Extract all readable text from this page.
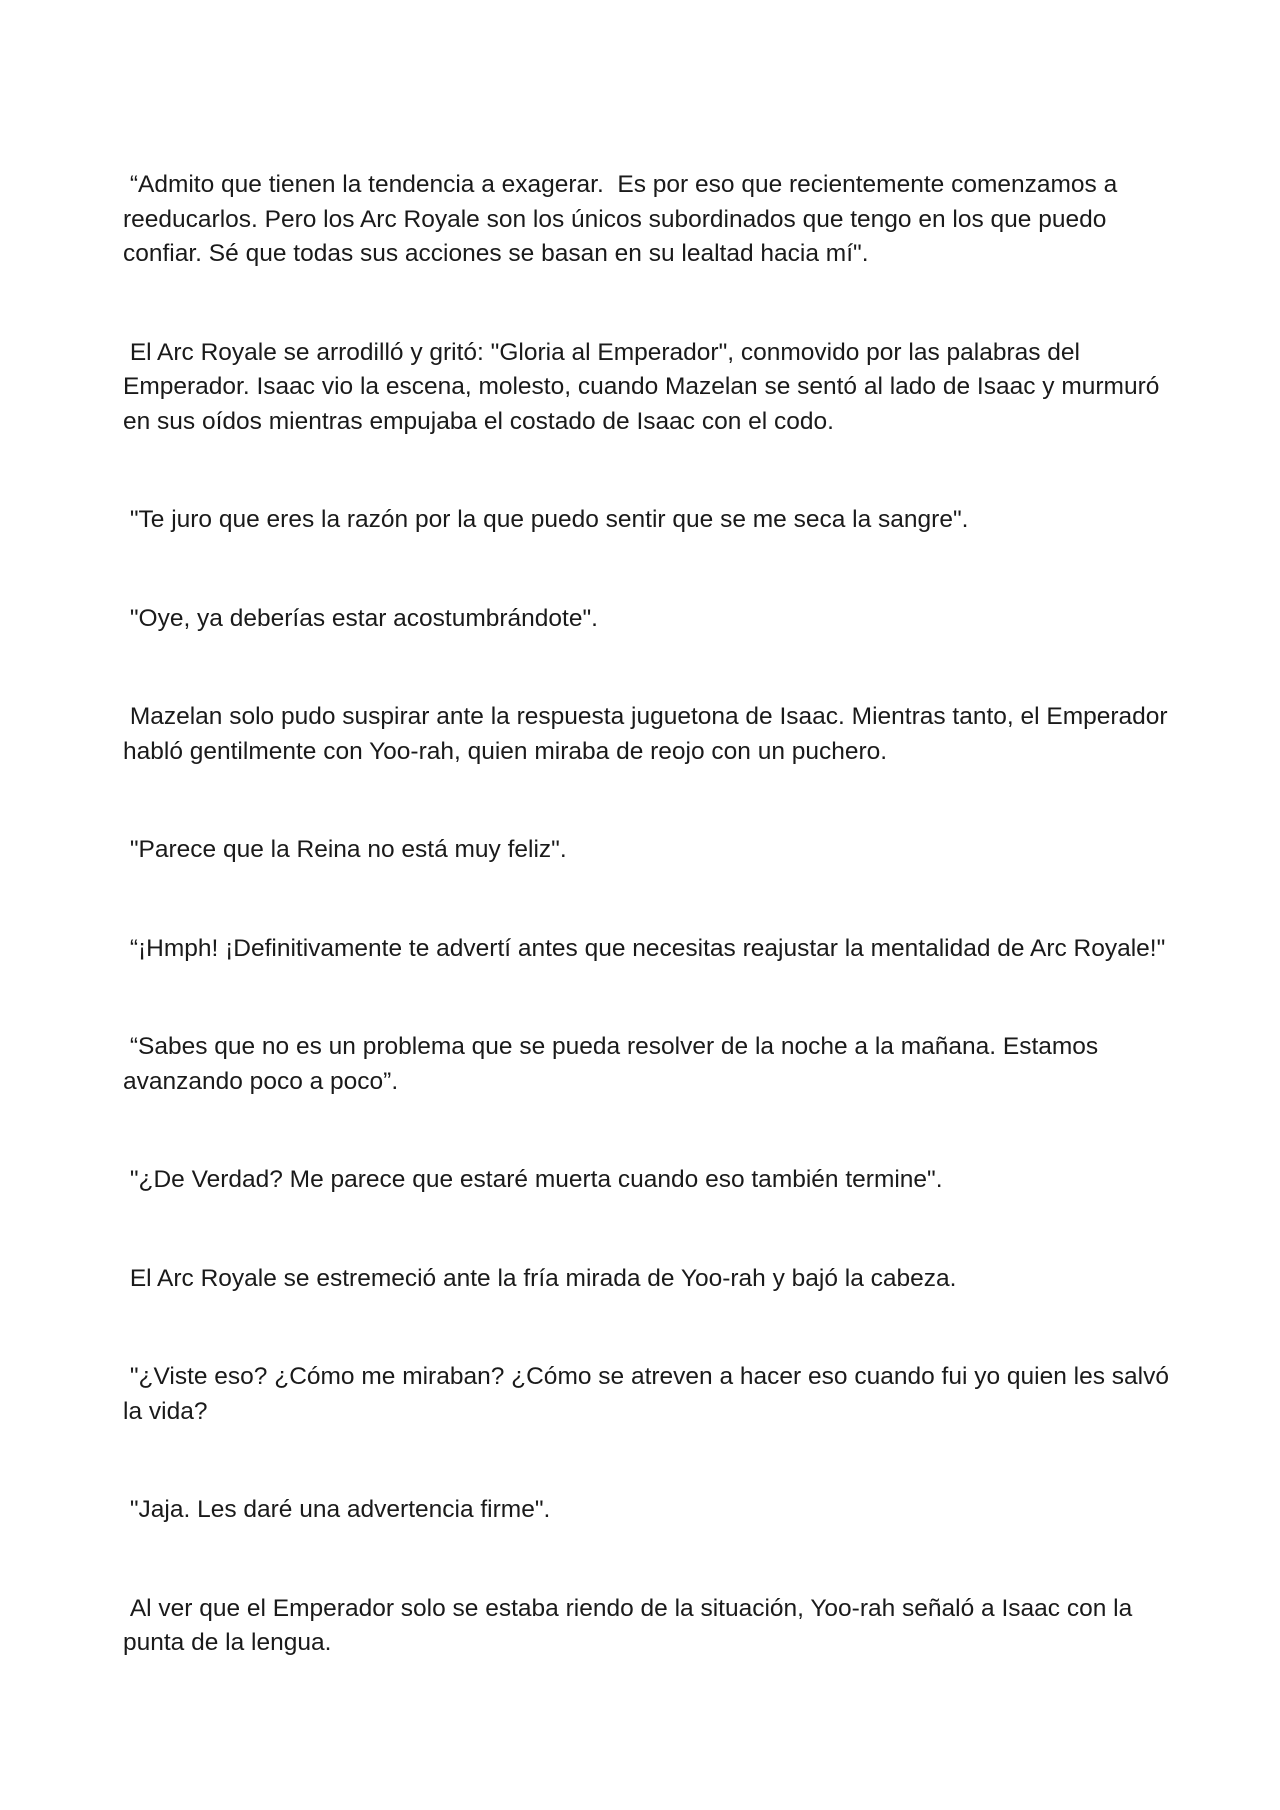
“Admito que tienen la tendencia a exagerar.  Es por eso que recientemente comenzamos a reeducarlos. Pero los Arc Royale son los únicos subordinados que tengo en los que puedo confiar. Sé que todas sus acciones se basan en su lealtad hacia mí".

El Arc Royale se arrodilló y gritó: "Gloria al Emperador", conmovido por las palabras del Emperador. Isaac vio la escena, molesto, cuando Mazelan se sentó al lado de Isaac y murmuró en sus oídos mientras empujaba el costado de Isaac con el codo.

"Te juro que eres la razón por la que puedo sentir que se me seca la sangre".

"Oye, ya deberías estar acostumbrándote".

Mazelan solo pudo suspirar ante la respuesta juguetona de Isaac. Mientras tanto, el Emperador habló gentilmente con Yoo-rah, quien miraba de reojo con un puchero.

"Parece que la Reina no está muy feliz".

“¡Hmph! ¡Definitivamente te advertí antes que necesitas reajustar la mentalidad de Arc Royale!"

“Sabes que no es un problema que se pueda resolver de la noche a la mañana. Estamos avanzando poco a poco”.

"¿De Verdad? Me parece que estaré muerta cuando eso también termine".

El Arc Royale se estremeció ante la fría mirada de Yoo-rah y bajó la cabeza.

"¿Viste eso? ¿Cómo me miraban? ¿Cómo se atreven a hacer eso cuando fui yo quien les salvó la vida?

"Jaja. Les daré una advertencia firme".

Al ver que el Emperador solo se estaba riendo de la situación, Yoo-rah señaló a Isaac con la punta de la lengua.
